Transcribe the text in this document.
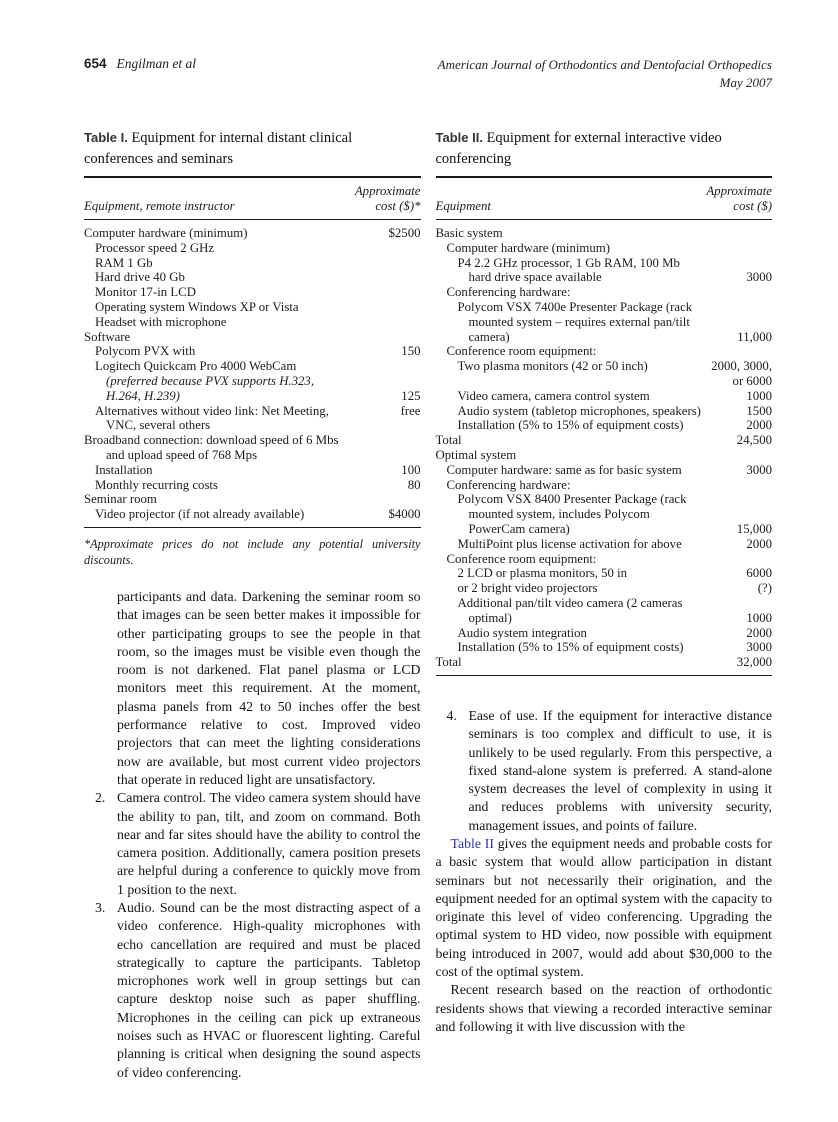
654 Engilman et al	American Journal of Orthodontics and Dentofacial Orthopedics
May 2007
Table I. Equipment for internal distant clinical conferences and seminars
Equipment, remote instructor
Approximate
cost ($)*
Computer hardware (minimum)	$2500
Processor speed 2 GHz
RAM 1 Gb
Hard drive 40 Gb
Monitor 17-in LCD
Operating system Windows XP or Vista
Headset with microphone
Software
Polycom PVX with	150
Logitech Quickcam Pro 4000 WebCam
(preferred because PVX supports H.323,
H.264, H.239)	125
Alternatives without video link: Net Meeting,	free
VNC, several others
Broadband connection: download speed of 6 Mbs
and upload speed of 768 Mps
Installation	100
Monthly recurring costs	80
Seminar room
Video projector (if not already available)	$4000
*Approximate prices do not include any potential university discounts.
participants and data. Darkening the seminar room so that images can be seen better makes it impossible for other participating groups to see the people in that room, so the images must be visible even though the room is not darkened. Flat panel plasma or LCD monitors meet this requirement. At the moment, plasma panels from 42 to 50 inches offer the best performance relative to cost. Improved video projectors that can meet the lighting considerations now are available, but most current video projectors that operate in reduced light are unsatisfactory.
2. Camera control. The video camera system should have the ability to pan, tilt, and zoom on command. Both near and far sites should have the ability to control the camera position. Additionally, camera position presets are helpful during a conference to quickly move from 1 position to the next.
3. Audio. Sound can be the most distracting aspect of a video conference. High-quality microphones with echo cancellation are required and must be placed strategically to capture the participants. Tabletop microphones work well in group settings but can capture desktop noise such as paper shuffling. Microphones in the ceiling can pick up extraneous noises such as HVAC or fluorescent lighting. Careful planning is critical when designing the sound aspects of video conferencing.
Table II. Equipment for external interactive video conferencing
Equipment
Approximate
cost ($)
Basic system
Computer hardware (minimum)
P4 2.2 GHz processor, 1 Gb RAM, 100 Mb
hard drive space available	3000
Conferencing hardware:
Polycom VSX 7400e Presenter Package (rack
mounted system – requires external pan/tilt
camera)	11,000
Conference room equipment:
Two plasma monitors (42 or 50 inch)	2000, 3000,
or 6000
Video camera, camera control system	1000
Audio system (tabletop microphones, speakers)	1500
Installation (5% to 15% of equipment costs)	2000
Total	24,500
Optimal system
Computer hardware: same as for basic system	3000
Conferencing hardware:
Polycom VSX 8400 Presenter Package (rack
mounted system, includes Polycom
PowerCam camera)	15,000
MultiPoint plus license activation for above	2000
Conference room equipment:
2 LCD or plasma monitors, 50 in	6000
or 2 bright video projectors	(?)
Additional pan/tilt video camera (2 cameras
optimal)	1000
Audio system integration	2000
Installation (5% to 15% of equipment costs)	3000
Total	32,000
4. Ease of use. If the equipment for interactive distance seminars is too complex and difficult to use, it is unlikely to be used regularly. From this perspective, a fixed stand-alone system is preferred. A stand-alone system decreases the level of complexity in using it and reduces problems with university security, management issues, and points of failure.

Table II gives the equipment needs and probable costs for a basic system that would allow participation in distant seminars but not necessarily their origination, and the equipment needed for an optimal system with the capacity to originate this level of video conferencing. Upgrading the optimal system to HD video, now possible with equipment being introduced in 2007, would add about $30,000 to the cost of the optimal system.

Recent research based on the reaction of orthodontic residents shows that viewing a recorded interactive seminar and following it with live discussion with the
